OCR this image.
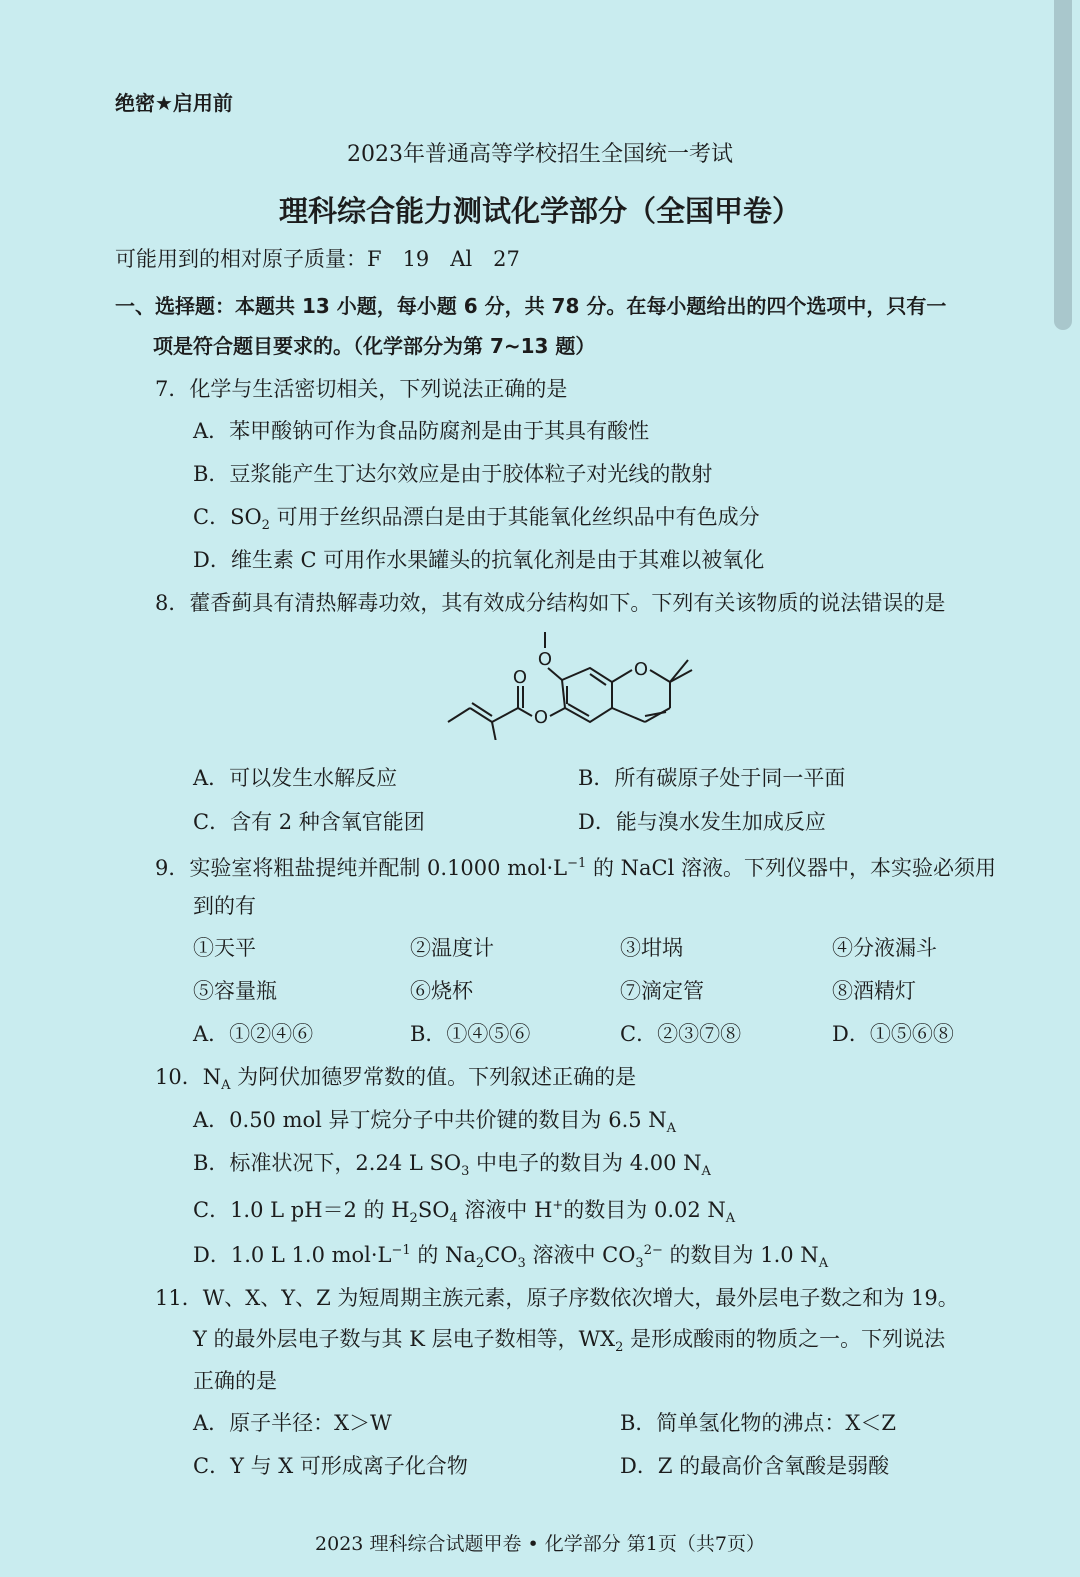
绝密★启用前
2023年普通高等学校招生全国统一考试
理科综合能力测试化学部分（全国甲卷）
可能用到的相对原子质量：F　19　Al　27
一、选择题：本题共 13 小题，每小题 6 分，共 78 分。在每小题给出的四个选项中，只有一
项是符合题目要求的。（化学部分为第 7~13 题）
7．化学与生活密切相关，下列说法正确的是
A．苯甲酸钠可作为食品防腐剂是由于其具有酸性
B．豆浆能产生丁达尔效应是由于胶体粒子对光线的散射
C．$SO_2$ 可用于丝织品漂白是由于其能氧化丝织品中有色成分
D．维生素 C 可用作水果罐头的抗氧化剂是由于其难以被氧化
8．藿香蓟具有清热解毒功效，其有效成分结构如下。下列有关该物质的说法错误的是
O	O
O
O
A．可以发生水解反应	B．所有碳原子处于同一平面
C．含有 2 种含氧官能团	D．能与溴水发生加成反应
9．实验室将粗盐提纯并配制 0.1000 $mol\cdot L^{-1}$ 的 NaCl 溶液。下列仪器中，本实验必须用
到的有
①天平	②温度计	③坩埚	④分液漏斗
⑤容量瓶	⑥烧杯	⑦滴定管	⑧酒精灯
A．①②④⑥	B．①④⑤⑥	C．②③⑦⑧	D．①⑤⑥⑧
10．$N_A$ 为阿伏加德罗常数的值。下列叙述正确的是
A．0.50 mol 异丁烷分子中共价键的数目为 6.5 $N_A$
B．标准状况下，2.24 L $SO_3$ 中电子的数目为 4.00 $N_A$
C．1.0 L pH＝2 的 $H_2SO_4$ 溶液中 H+的数目为 0.02 $N_A$
D．1.0 L 1.0 $mol\cdot L^{-1}$ 的 $Na_2CO_3$ 溶液中 $CO_3^{2-}$ 的数目为 1.0 $N_A$
11．W、X、Y、Z 为短周期主族元素，原子序数依次增大，最外层电子数之和为 19。
Y 的最外层电子数与其 K 层电子数相等，$WX_2$ 是形成酸雨的物质之一。下列说法
正确的是
A．原子半径：X＞W	B．简单氢化物的沸点：X＜Z
C．Y 与 X 可形成离子化合物	D．Z 的最高价含氧酸是弱酸
2023 理科综合试题甲卷 • 化学部分 第1页（共7页）
